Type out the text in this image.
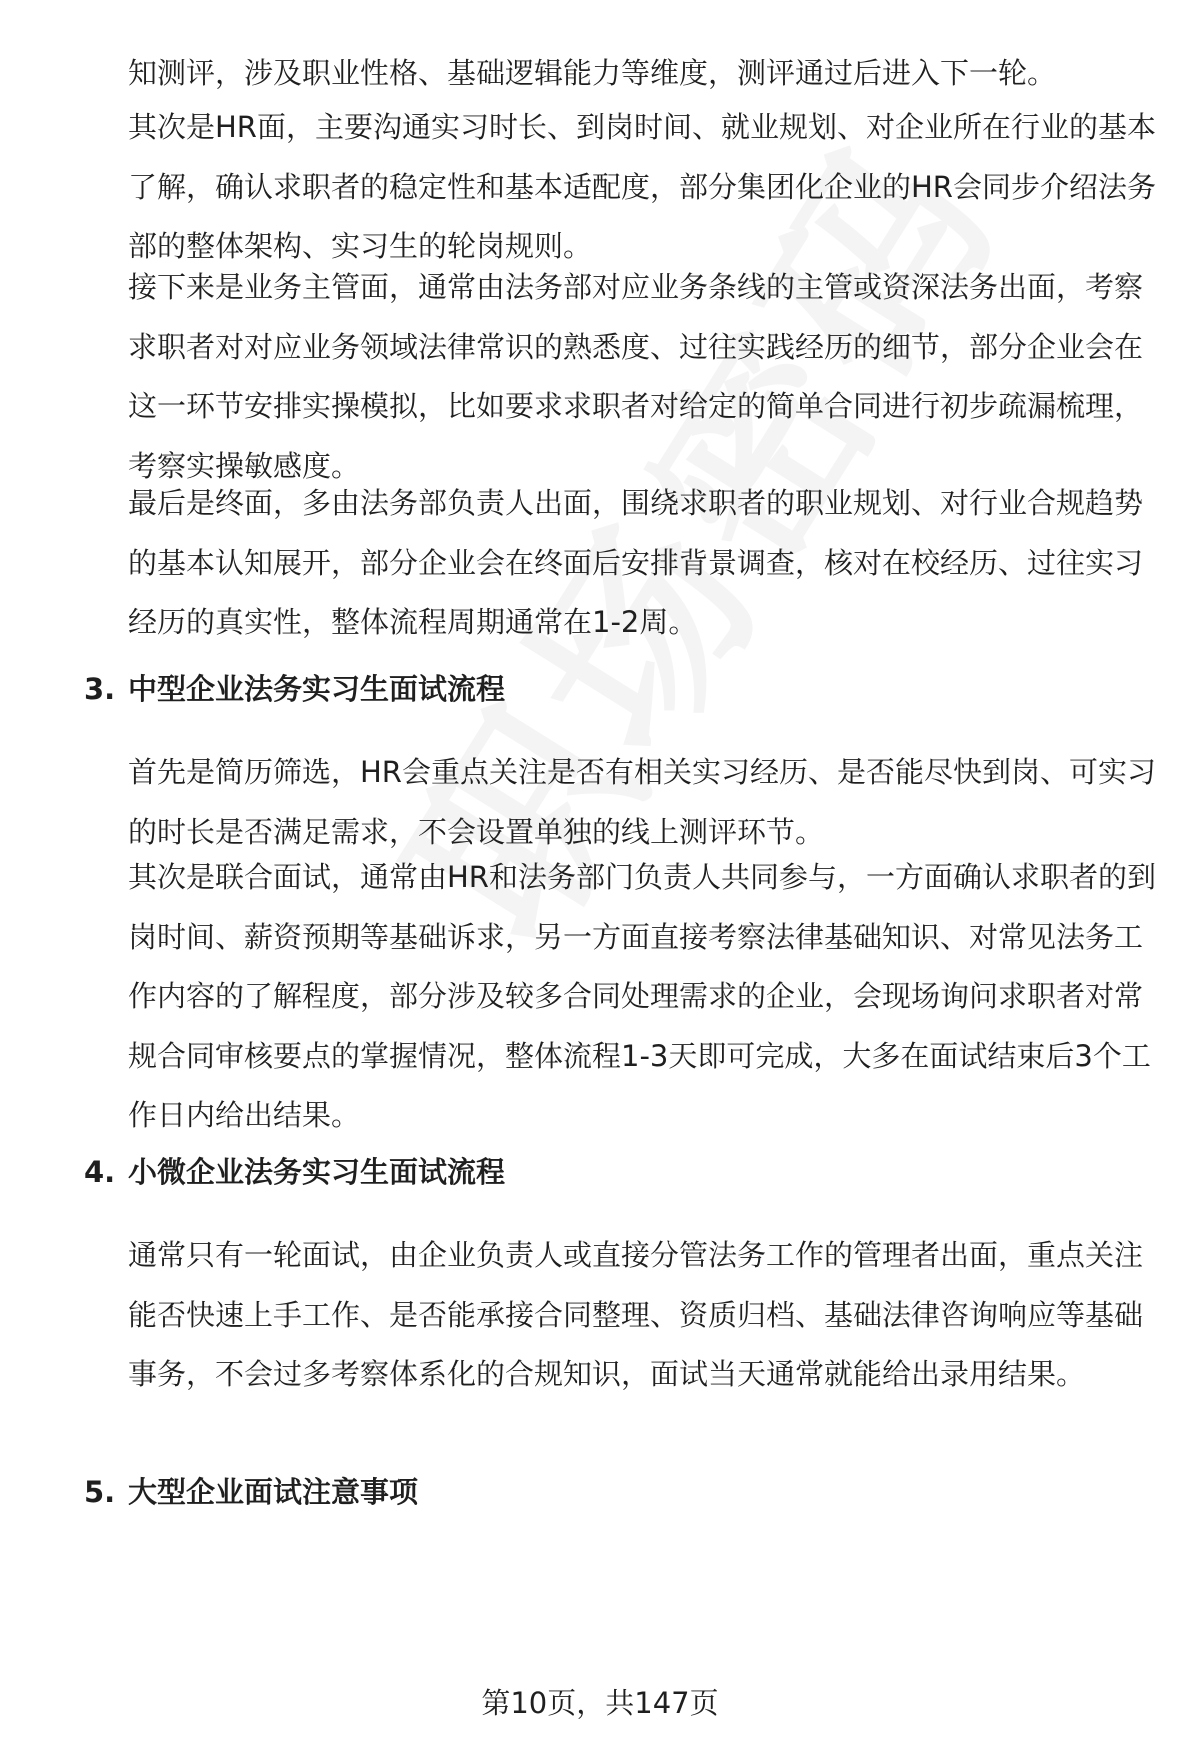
知测评，涉及职业性格、基础逻辑能力等维度，测评通过后进入下一轮。

其次是HR面，主要沟通实习时长、到岗时间、就业规划、对企业所在行业的基本了解，确认求职者的稳定性和基本适配度，部分集团化企业的HR会同步介绍法务部的整体架构、实习生的轮岗规则。

接下来是业务主管面，通常由法务部对应业务条线的主管或资深法务出面，考察求职者对对应业务领域法律常识的熟悉度、过往实践经历的细节，部分企业会在这一环节安排实操模拟，比如要求求职者对给定的简单合同进行初步疏漏梳理，考察实操敏感度。

最后是终面，多由法务部负责人出面，围绕求职者的职业规划、对行业合规趋势的基本认知展开，部分企业会在终面后安排背景调查，核对在校经历、过往实习经历的真实性，整体流程周期通常在1-2周。

3. 中型企业法务实习生面试流程

首先是简历筛选，HR会重点关注是否有相关实习经历、是否能尽快到岗、可实习的时长是否满足需求，不会设置单独的线上测评环节。

其次是联合面试，通常由HR和法务部门负责人共同参与，一方面确认求职者的到岗时间、薪资预期等基础诉求，另一方面直接考察法律基础知识、对常见法务工作内容的了解程度，部分涉及较多合同处理需求的企业，会现场询问求职者对常规合同审核要点的掌握情况，整体流程1-3天即可完成，大多在面试结束后3个工作日内给出结果。

4. 小微企业法务实习生面试流程

通常只有一轮面试，由企业负责人或直接分管法务工作的管理者出面，重点关注能否快速上手工作、是否能承接合同整理、资质归档、基础法律咨询响应等基础事务，不会过多考察体系化的合规知识，面试当天通常就能给出录用结果。

5. 大型企业面试注意事项

第10页，共147页
